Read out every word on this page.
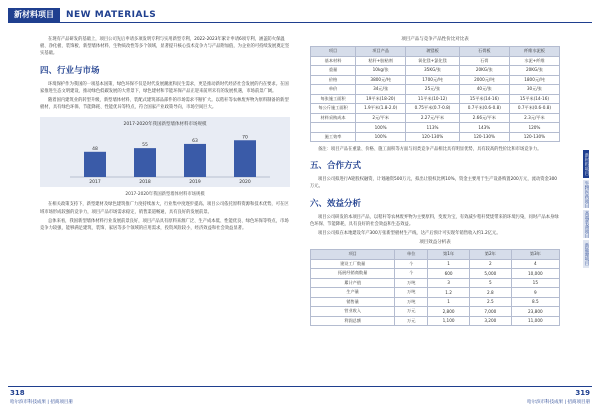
新材料项目	NEW MATERIALS

在现有产品研发的基础上，项目公司先后申请多项发明专利与实用新型专利，2022-2023年累计申请6项专利，涵盖防火保温板、净化板、装饰板、新型墙体材料、生物质改性等多个领域，显著提升核心技术竞争力与产品附加值，为企业的可持续发展奠定坚实基础。

四、行业与市场

环境保护作为我国的一项基本国策，绿色环保不仅是时代发展潮流和民生需求，更是推动新时代经济社会发展的内在要求。在国家推进生态文明建设、推动绿色低碳发展的大背景下，绿色建材和节能环保产品正迎来前所未有的发展机遇，市场前景广阔。

随着国内建筑业的转型升级，新型墙体材料、装配式建筑部品部件的市场需求不断扩大。以秸秆等农林废弃物为原料制备的新型板材，具有绿色环保、节能降耗、性能优异等特点，符合国家产业政策导向，市场空间巨大。

2017-2020年我国新型墙体材料市场规模
48
2017
55
2018
63
2019
70
2020
2017-2020年我国新型墙体材料市场规模

在相关政策支持下，新型建材及绿色建筑推广力度持续加大，行业集中度逐步提高。项目公司依托原料资源和技术优势，可在区域市场形成较强的竞争力，项目产品市场需求稳定，销售渠道畅通，具有良好的发展前景。

总体来看，我国新型墙体材料行业发展前景良好，项目产品具有原料来源广泛、生产成本低、性能优良、绿色环保等特点，市场竞争力较强，能够满足建筑、装饰、家居等多个领域的应用需求，投资风险较小，经济效益和社会效益显著。

项目产品与竞争产品性价比对比表
项目	项目产品	玻镁板	石膏板	纤维水泥板
基本材料	秸秆+胶粘剂	氧化镁+氯化镁	石膏	水泥+纤维
重量	10kg/张	35KG/张	20KG/张	20KG/张
价格	3800元/吨	1700元/吨	2000元/吨	1800元/吨
单价	34元/张	25元/张	40元/张	30元/张
每张施工面积	19平米(18-20)	11平米(10-12)	15平米(14-16)	15平米(14-16)
每公斤施工面积	1.9平米(1.8-2.0)	0.75平米(0.7-0.8)	0.7平米(0.6-0.8)	0.7平米(0.6-0.8)
材料采购成本	2元/平米	2.27元/平米	2.66元/平米	2.3元/平米
	100%	113%	143%	120%
施工效率	100%	120-130%	120-130%	120-130%

备注：项目产品在重量、价格、施工面积等方面与同类竞争产品相比具有明显优势，具有较高的性价比和市场竞争力。

五、合作方式

项目公司拟进行A轮股权融资，计划融资500万元，拟出让股权比例10%，资金主要用于生产设备购置200万元，流动资金300万元。

六、效益分析

项目公司研发的本项目产品，以秸秆等农林废弃物为主要原料，变废为宝，有效减少秸秆焚烧带来的环境污染，同时产品本身绿色环保、节能降耗，具有良好的社会效益和生态效益。

项目公司拟在本地建设年产300万张新型板材生产线，达产后预计可实现年销售收入约1.2亿元。

项目效益分析表
项目	单位	第1年	第2年	第3年
建设工厂数量	个	1	2	4
拓展经销商数量	个	600	5,000	10,000
累计产值	万吨	3	5	15
生产量	万吨	1.2	2.8	9
销售量	万吨	1	2.5	8.5
营业收入	万元	2,800	7,000	23,800
利润总额	万元	1,100	3,200	11,000
新材料项目
生物医药项目
高端装备项目
新能源项目
318
哈尔滨市科技成果 | 招商项目册
319
哈尔滨市科技成果 | 招商项目册
